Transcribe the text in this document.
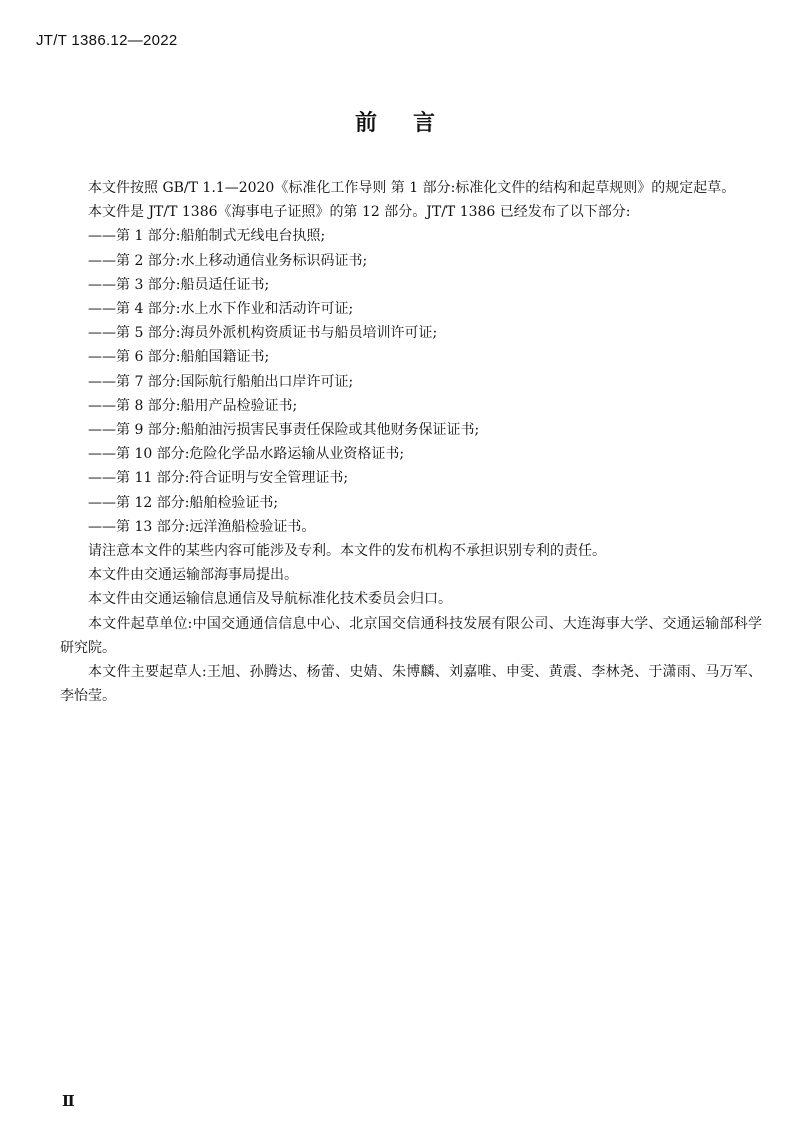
JT/T 1386.12—2022
前言

本文件按照 GB/T 1.1—2020《标准化工作导则 第 1 部分:标准化文件的结构和起草规则》的规定起草。

本文件是 JT/T 1386《海事电子证照》的第 12 部分。JT/T 1386 已经发布了以下部分:

——第 1 部分:船舶制式无线电台执照;
——第 2 部分:水上移动通信业务标识码证书;
——第 3 部分:船员适任证书;
——第 4 部分:水上水下作业和活动许可证;
——第 5 部分:海员外派机构资质证书与船员培训许可证;
——第 6 部分:船舶国籍证书;
——第 7 部分:国际航行船舶出口岸许可证;
——第 8 部分:船用产品检验证书;
——第 9 部分:船舶油污损害民事责任保险或其他财务保证证书;
——第 10 部分:危险化学品水路运输从业资格证书;
——第 11 部分:符合证明与安全管理证书;
——第 12 部分:船舶检验证书;
——第 13 部分:远洋渔船检验证书。

请注意本文件的某些内容可能涉及专利。本文件的发布机构不承担识别专利的责任。

本文件由交通运输部海事局提出。

本文件由交通运输信息通信及导航标准化技术委员会归口。

本文件起草单位:中国交通通信信息中心、北京国交信通科技发展有限公司、大连海事大学、交通运输部科学研究院。

本文件主要起草人:王旭、孙腾达、杨蕾、史婧、朱博麟、刘嘉唯、申雯、黄震、李林尧、于潇雨、马万军、李怡莹。

Ⅱ
